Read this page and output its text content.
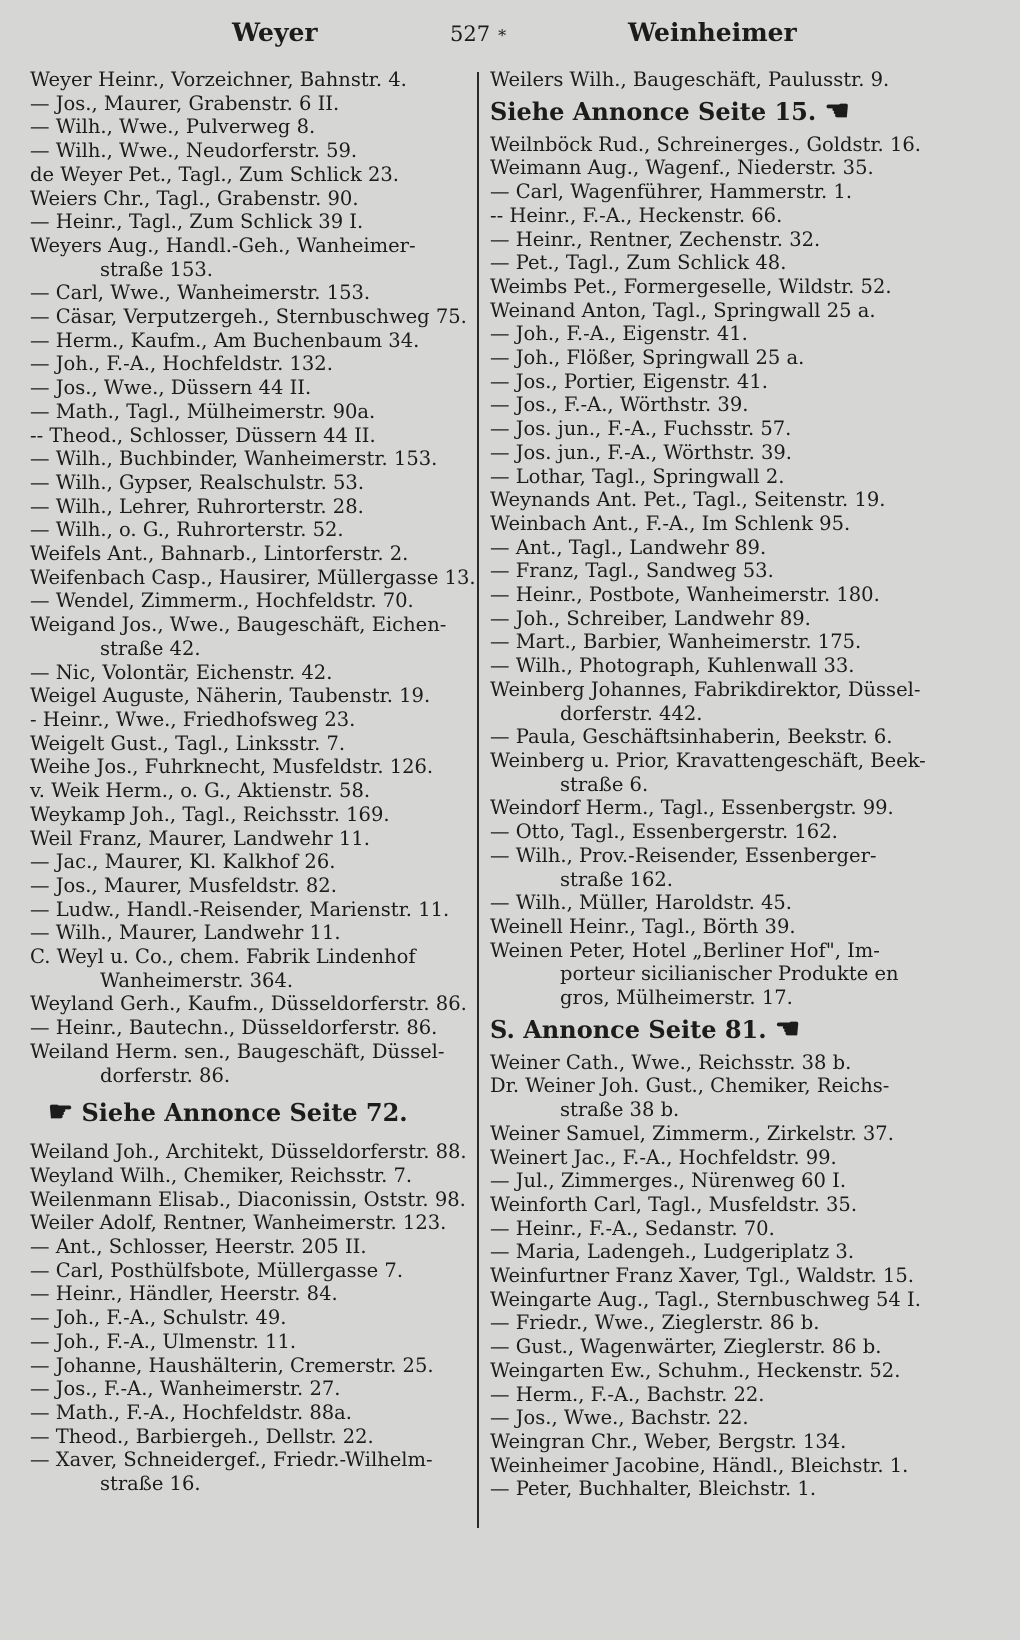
Weyer	527 *	Weinheimer
Weyer Heinr., Vorzeichner, Bahnstr. 4.
— Jos., Maurer, Grabenstr. 6 II.
— Wilh., Wwe., Pulverweg 8.
— Wilh., Wwe., Neudorferstr. 59.
de Weyer Pet., Tagl., Zum Schlick 23.
Weiers Chr., Tagl., Grabenstr. 90.
— Heinr., Tagl., Zum Schlick 39 I.
Weyers Aug., Handl.-Geh., Wanheimer-
straße 153.
— Carl, Wwe., Wanheimerstr. 153.
— Cäsar, Verputzergeh., Sternbuschweg 75.
— Herm., Kaufm., Am Buchenbaum 34.
— Joh., F.-A., Hochfeldstr. 132.
— Jos., Wwe., Düssern 44 II.
— Math., Tagl., Mülheimerstr. 90a.
-- Theod., Schlosser, Düssern 44 II.
— Wilh., Buchbinder, Wanheimerstr. 153.
— Wilh., Gypser, Realschulstr. 53.
— Wilh., Lehrer, Ruhrorterstr. 28.
— Wilh., o. G., Ruhrorterstr. 52.
Weifels Ant., Bahnarb., Lintorferstr. 2.
Weifenbach Casp., Hausirer, Müllergasse 13.
— Wendel, Zimmerm., Hochfeldstr. 70.
Weigand Jos., Wwe., Baugeschäft, Eichen-
straße 42.
— Nic, Volontär, Eichenstr. 42.
Weigel Auguste, Näherin, Taubenstr. 19.
- Heinr., Wwe., Friedhofsweg 23.
Weigelt Gust., Tagl., Linksstr. 7.
Weihe Jos., Fuhrknecht, Musfeldstr. 126.
v. Weik Herm., o. G., Aktienstr. 58.
Weykamp Joh., Tagl., Reichsstr. 169.
Weil Franz, Maurer, Landwehr 11.
— Jac., Maurer, Kl. Kalkhof 26.
— Jos., Maurer, Musfeldstr. 82.
— Ludw., Handl.-Reisender, Marienstr. 11.
— Wilh., Maurer, Landwehr 11.
C. Weyl u. Co., chem. Fabrik Lindenhof
Wanheimerstr. 364.
Weyland Gerh., Kaufm., Düsseldorferstr. 86.
— Heinr., Bautechn., Düsseldorferstr. 86.
Weiland Herm. sen., Baugeschäft, Düssel-
dorferstr. 86.
☛ Siehe Annonce Seite 72.
Weiland Joh., Architekt, Düsseldorferstr. 88.
Weyland Wilh., Chemiker, Reichsstr. 7.
Weilenmann Elisab., Diaconissin, Oststr. 98.
Weiler Adolf, Rentner, Wanheimerstr. 123.
— Ant., Schlosser, Heerstr. 205 II.
— Carl, Posthülfsbote, Müllergasse 7.
— Heinr., Händler, Heerstr. 84.
— Joh., F.-A., Schulstr. 49.
— Joh., F.-A., Ulmenstr. 11.
— Johanne, Haushälterin, Cremerstr. 25.
— Jos., F.-A., Wanheimerstr. 27.
— Math., F.-A., Hochfeldstr. 88a.
— Theod., Barbiergeh., Dellstr. 22.
— Xaver, Schneidergef., Friedr.-Wilhelm-
straße 16.
Weilers Wilh., Baugeschäft, Paulusstr. 9.
Siehe Annonce Seite 15. ☚
Weilnböck Rud., Schreinerges., Goldstr. 16.
Weimann Aug., Wagenf., Niederstr. 35.
— Carl, Wagenführer, Hammerstr. 1.
-- Heinr., F.-A., Heckenstr. 66.
— Heinr., Rentner, Zechenstr. 32.
— Pet., Tagl., Zum Schlick 48.
Weimbs Pet., Formergeselle, Wildstr. 52.
Weinand Anton, Tagl., Springwall 25 a.
— Joh., F.-A., Eigenstr. 41.
— Joh., Flößer, Springwall 25 a.
— Jos., Portier, Eigenstr. 41.
— Jos., F.-A., Wörthstr. 39.
— Jos. jun., F.-A., Fuchsstr. 57.
— Jos. jun., F.-A., Wörthstr. 39.
— Lothar, Tagl., Springwall 2.
Weynands Ant. Pet., Tagl., Seitenstr. 19.
Weinbach Ant., F.-A., Im Schlenk 95.
— Ant., Tagl., Landwehr 89.
— Franz, Tagl., Sandweg 53.
— Heinr., Postbote, Wanheimerstr. 180.
— Joh., Schreiber, Landwehr 89.
— Mart., Barbier, Wanheimerstr. 175.
— Wilh., Photograph, Kuhlenwall 33.
Weinberg Johannes, Fabrikdirektor, Düssel-
dorferstr. 442.
— Paula, Geschäftsinhaberin, Beekstr. 6.
Weinberg u. Prior, Kravattengeschäft, Beek-
straße 6.
Weindorf Herm., Tagl., Essenbergstr. 99.
— Otto, Tagl., Essenbergerstr. 162.
— Wilh., Prov.-Reisender, Essenberger-
straße 162.
— Wilh., Müller, Haroldstr. 45.
Weinell Heinr., Tagl., Börth 39.
Weinen Peter, Hotel „Berliner Hof", Im-
porteur sicilianischer Produkte en
gros, Mülheimerstr. 17.
S. Annonce Seite 81. ☚
Weiner Cath., Wwe., Reichsstr. 38 b.
Dr. Weiner Joh. Gust., Chemiker, Reichs-
straße 38 b.
Weiner Samuel, Zimmerm., Zirkelstr. 37.
Weinert Jac., F.-A., Hochfeldstr. 99.
— Jul., Zimmerges., Nürenweg 60 I.
Weinforth Carl, Tagl., Musfeldstr. 35.
— Heinr., F.-A., Sedanstr. 70.
— Maria, Ladengeh., Ludgeriplatz 3.
Weinfurtner Franz Xaver, Tgl., Waldstr. 15.
Weingarte Aug., Tagl., Sternbuschweg 54 I.
— Friedr., Wwe., Zieglerstr. 86 b.
— Gust., Wagenwärter, Zieglerstr. 86 b.
Weingarten Ew., Schuhm., Heckenstr. 52.
— Herm., F.-A., Bachstr. 22.
— Jos., Wwe., Bachstr. 22.
Weingran Chr., Weber, Bergstr. 134.
Weinheimer Jacobine, Händl., Bleichstr. 1.
— Peter, Buchhalter, Bleichstr. 1.
